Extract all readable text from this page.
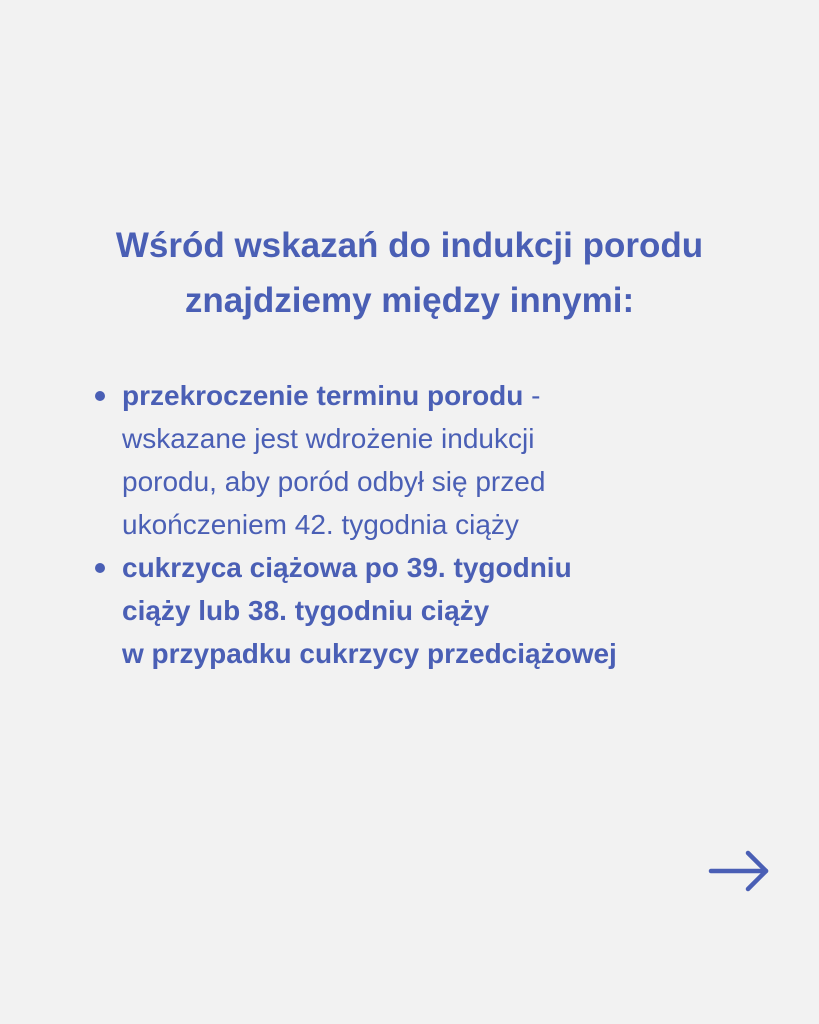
Wśród wskazań do indukcji porodu
znajdziemy między innymi:
przekroczenie terminu porodu -
wskazane jest wdrożenie indukcji
porodu, aby poród odbył się przed
ukończeniem 42. tygodnia ciąży
cukrzyca ciążowa po 39. tygodniu
ciąży lub 38. tygodniu ciąży
w przypadku cukrzycy przedciążowej
